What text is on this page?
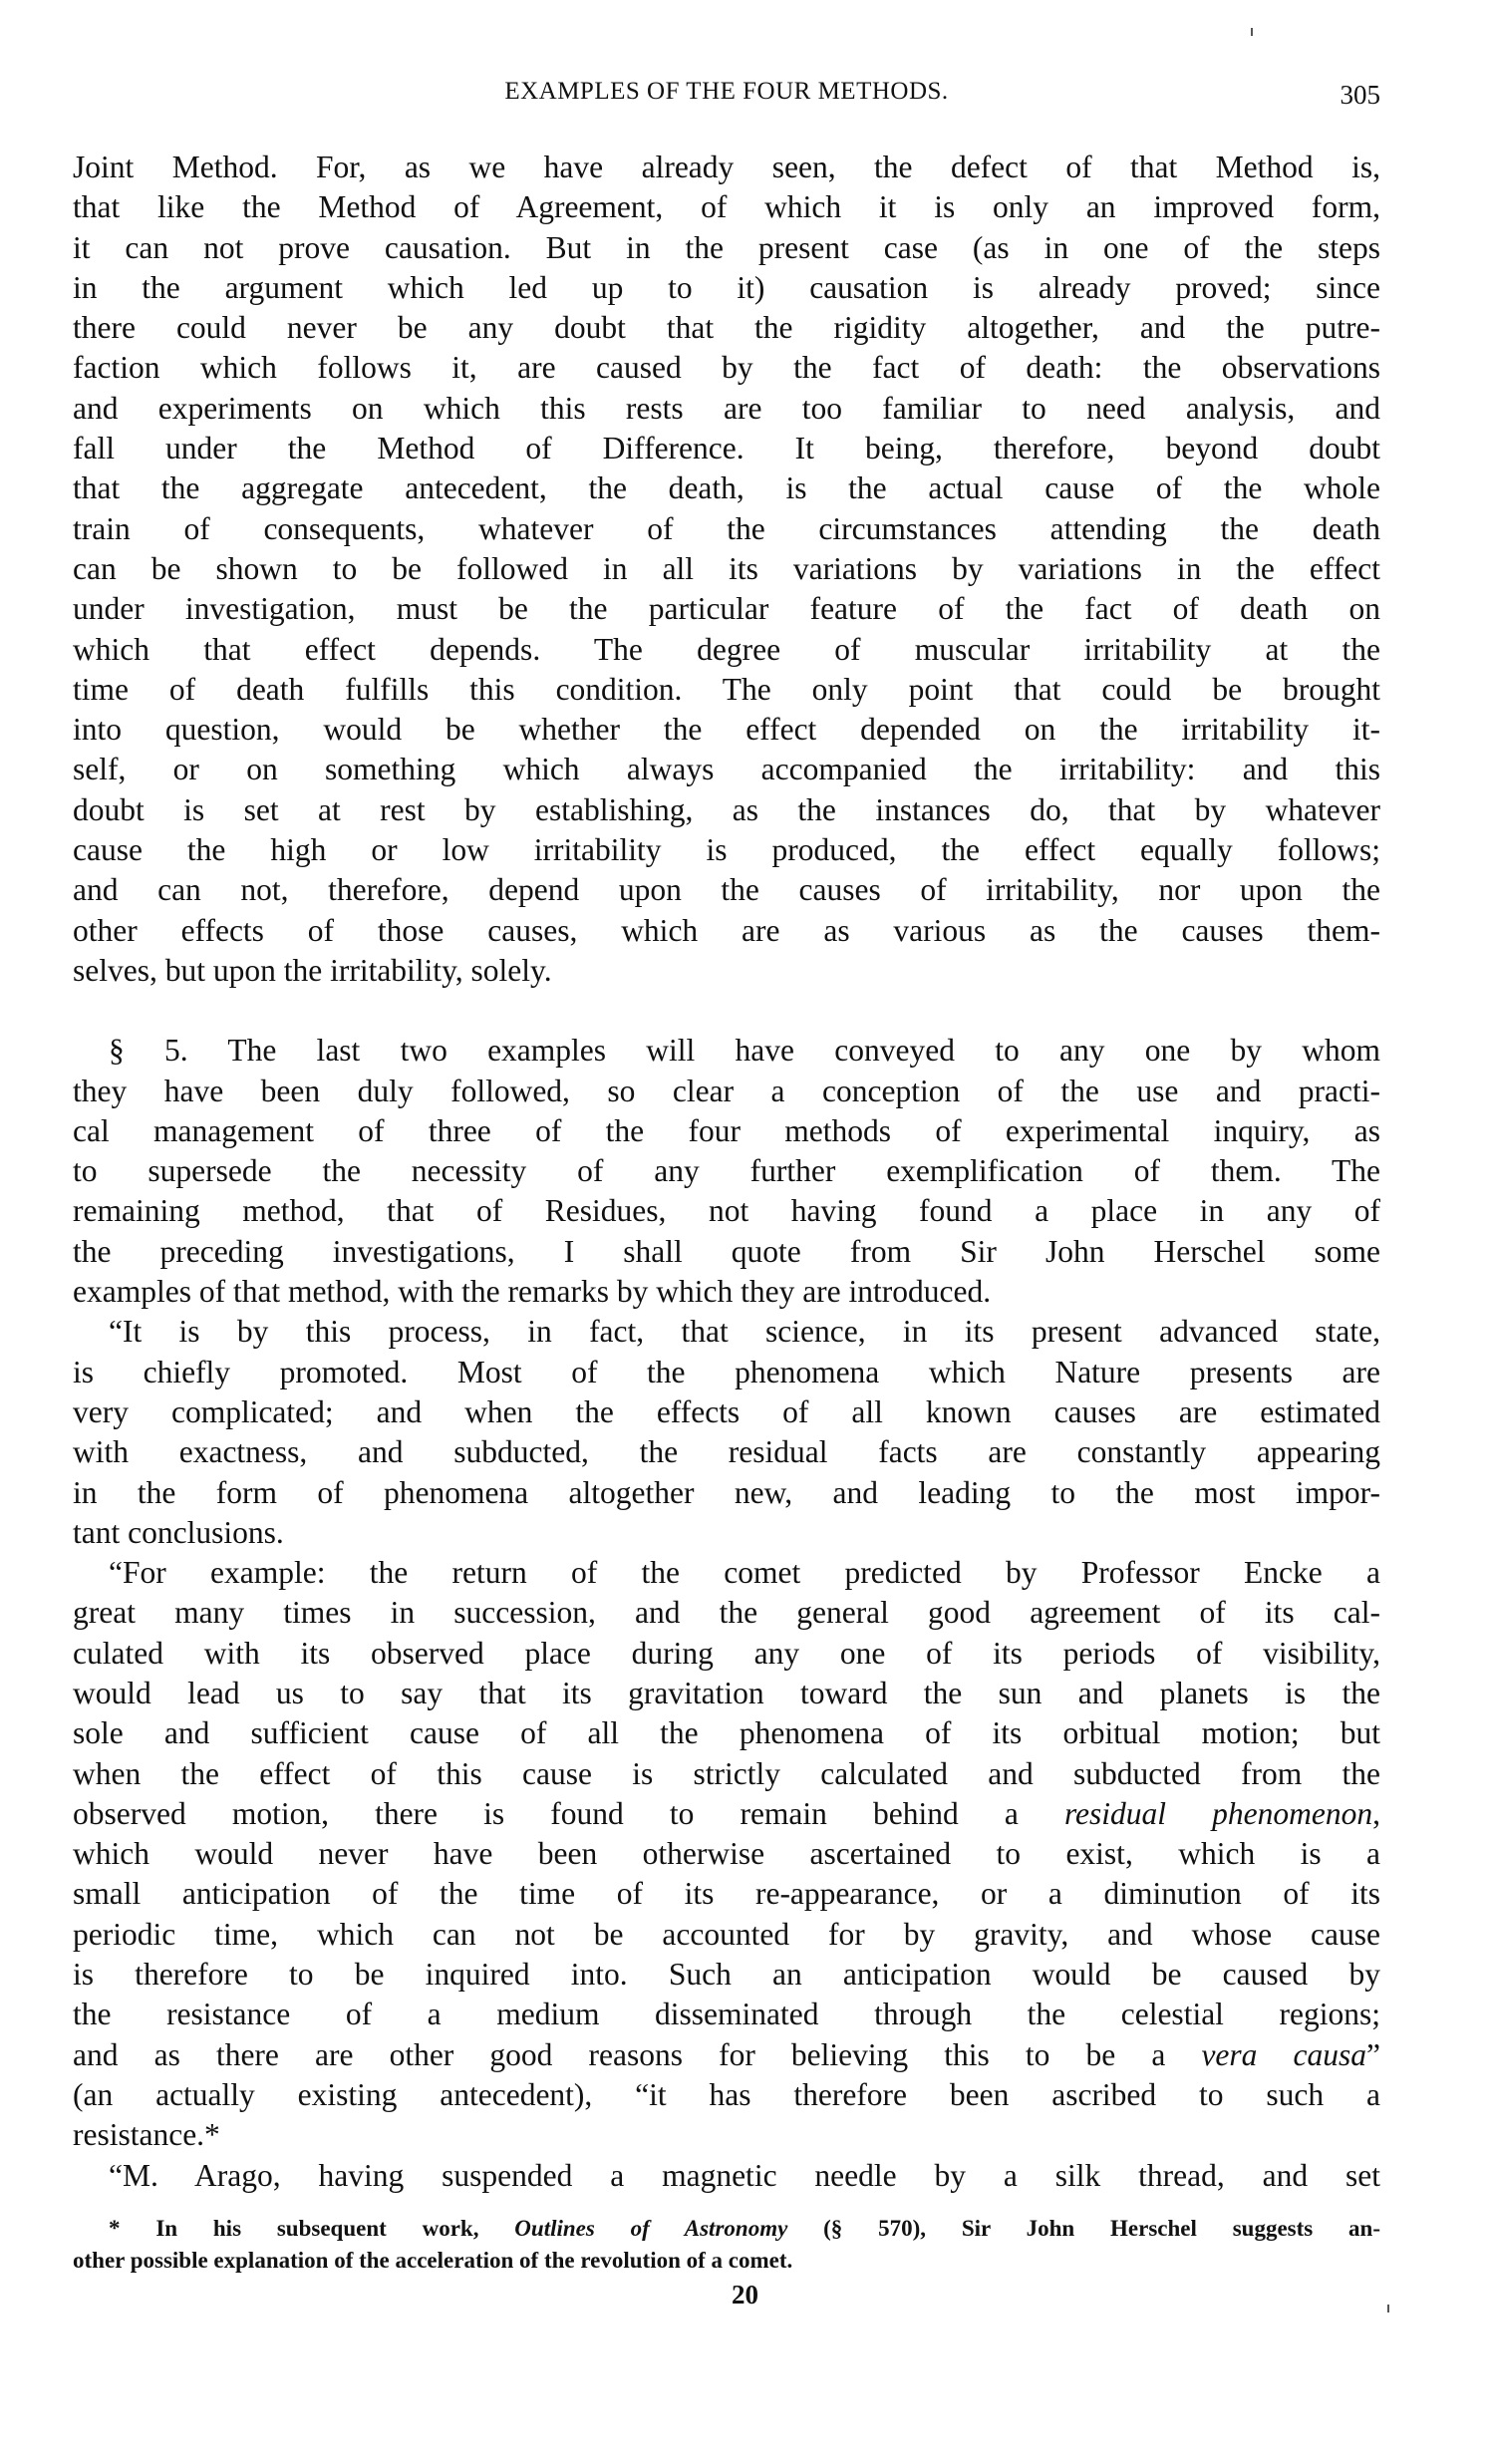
EXAMPLES OF THE FOUR METHODS.	305
Joint Method. For, as we have already seen, the defect of that Method is,
that like the Method of Agreement, of which it is only an improved form,
it can not prove causation. But in the present case (as in one of the steps
in the argument which led up to it) causation is already proved; since
there could never be any doubt that the rigidity altogether, and the putre-
faction which follows it, are caused by the fact of death: the observations
and experiments on which this rests are too familiar to need analysis, and
fall under the Method of Difference. It being, therefore, beyond doubt
that the aggregate antecedent, the death, is the actual cause of the whole
train of consequents, whatever of the circumstances attending the death
can be shown to be followed in all its variations by variations in the effect
under investigation, must be the particular feature of the fact of death on
which that effect depends. The degree of muscular irritability at the
time of death fulfills this condition. The only point that could be brought
into question, would be whether the effect depended on the irritability it-
self, or on something which always accompanied the irritability: and this
doubt is set at rest by establishing, as the instances do, that by whatever
cause the high or low irritability is produced, the effect equally follows;
and can not, therefore, depend upon the causes of irritability, nor upon the
other effects of those causes, which are as various as the causes them-
selves, but upon the irritability, solely.
§ 5. The last two examples will have conveyed to any one by whom
they have been duly followed, so clear a conception of the use and practi-
cal management of three of the four methods of experimental inquiry, as
to supersede the necessity of any further exemplification of them. The
remaining method, that of Residues, not having found a place in any of
the preceding investigations, I shall quote from Sir John Herschel some
examples of that method, with the remarks by which they are introduced.
“It is by this process, in fact, that science, in its present advanced state,
is chiefly promoted. Most of the phenomena which Nature presents are
very complicated; and when the effects of all known causes are estimated
with exactness, and subducted, the residual facts are constantly appearing
in the form of phenomena altogether new, and leading to the most impor-
tant conclusions.
“For example: the return of the comet predicted by Professor Encke a
great many times in succession, and the general good agreement of its cal-
culated with its observed place during any one of its periods of visibility,
would lead us to say that its gravitation toward the sun and planets is the
sole and sufficient cause of all the phenomena of its orbitual motion; but
when the effect of this cause is strictly calculated and subducted from the
observed motion, there is found to remain behind a residual phenomenon,
which would never have been otherwise ascertained to exist, which is a
small anticipation of the time of its re-appearance, or a diminution of its
periodic time, which can not be accounted for by gravity, and whose cause
is therefore to be inquired into. Such an anticipation would be caused by
the resistance of a medium disseminated through the celestial regions;
and as there are other good reasons for believing this to be a vera causa”
(an actually existing antecedent), “it has therefore been ascribed to such a
resistance.*
“M. Arago, having suspended a magnetic needle by a silk thread, and set
* In his subsequent work, Outlines of Astronomy (§ 570), Sir John Herschel suggests an-
other possible explanation of the acceleration of the revolution of a comet.
20
